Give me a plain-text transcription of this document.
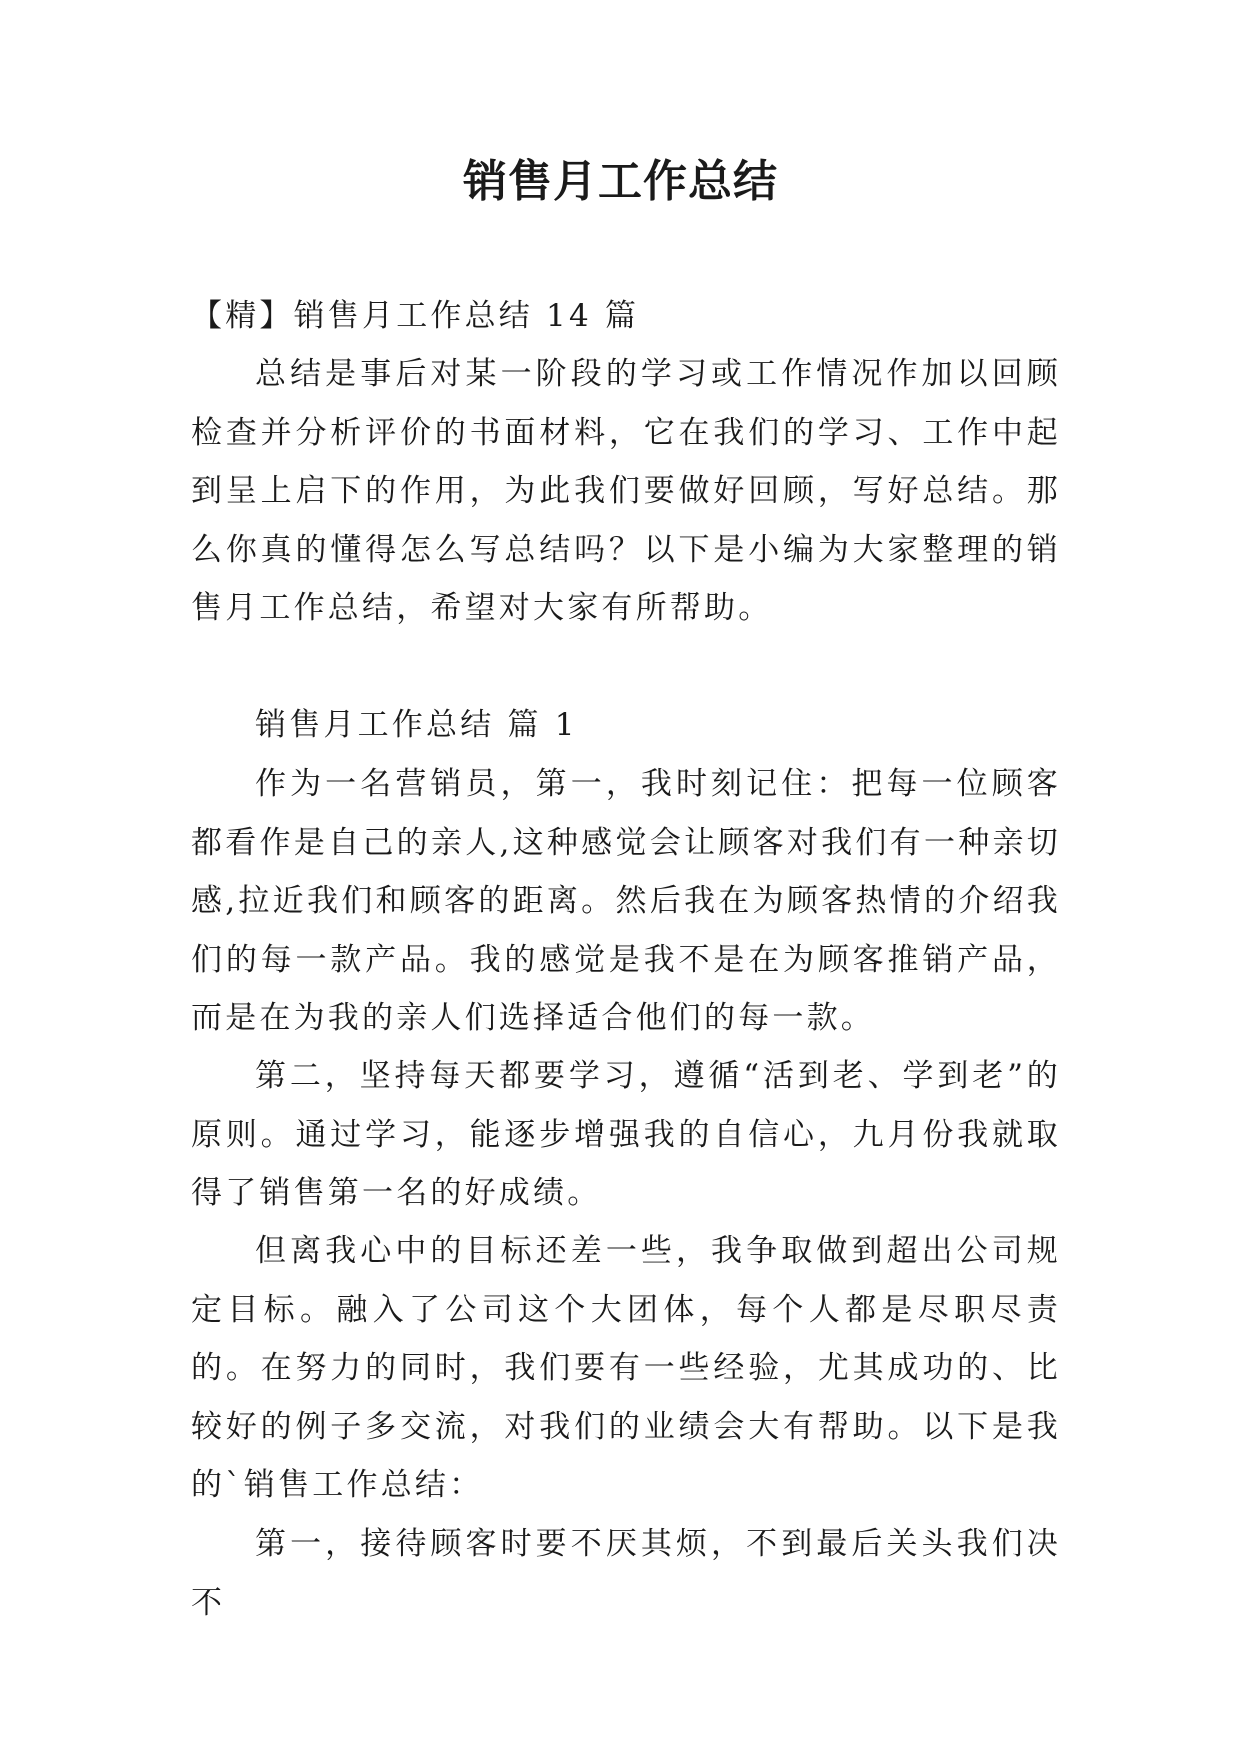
销售月工作总结

【精】销售月工作总结 14 篇

总结是事后对某一阶段的学习或工作情况作加以回顾检查并分析评价的书面材料，它在我们的学习、工作中起到呈上启下的作用，为此我们要做好回顾，写好总结。那么你真的懂得怎么写总结吗？以下是小编为大家整理的销售月工作总结，希望对大家有所帮助。

销售月工作总结 篇 1

作为一名营销员，第一，我时刻记住：把每一位顾客都看作是自己的亲人,这种感觉会让顾客对我们有一种亲切感,拉近我们和顾客的距离。然后我在为顾客热情的介绍我们的每一款产品。我的感觉是我不是在为顾客推销产品，而是在为我的亲人们选择适合他们的每一款。

第二，坚持每天都要学习，遵循“活到老、学到老”的原则。通过学习，能逐步增强我的自信心，九月份我就取得了销售第一名的好成绩。

但离我心中的目标还差一些，我争取做到超出公司规定目标。融入了公司这个大团体，每个人都是尽职尽责的。在努力的同时，我们要有一些经验，尤其成功的、比较好的例子多交流，对我们的业绩会大有帮助。以下是我的`销售工作总结：

第一，接待顾客时要不厌其烦，不到最后关头我们决不
